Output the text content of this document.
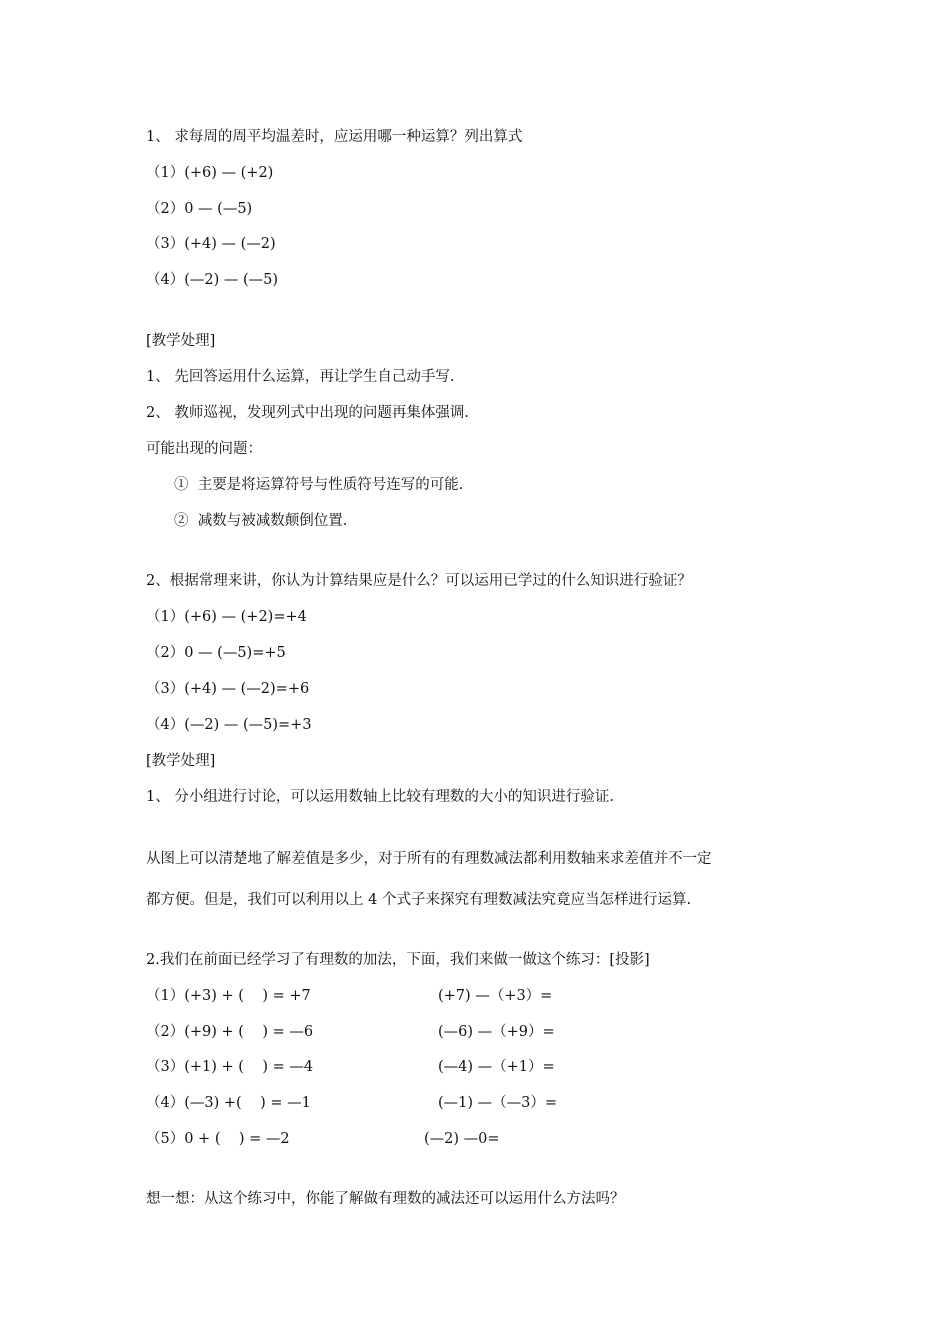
1、 求每周的周平均温差时，应运用哪一种运算？列出算式

（1）(+6) — (+2)

（2）0 — (—5)

（3）(+4) — (—2)

（4）(—2) — (—5)

[教学处理]

1、 先回答运用什么运算，再让学生自己动手写.

2、 教师巡视，发现列式中出现的问题再集体强调.

可能出现的问题：

①  主要是将运算符号与性质符号连写的可能.

②  减数与被减数颠倒位置.

2、根据常理来讲，你认为计算结果应是什么？可以运用已学过的什么知识进行验证？

（1）(+6) — (+2)=+4

（2）0 — (—5)=+5

（3）(+4) — (—2)=+6

（4）(—2) — (—5)=+3

[教学处理]

1、 分小组进行讨论，可以运用数轴上比较有理数的大小的知识进行验证.

从图上可以清楚地了解差值是多少，对于所有的有理数减法都利用数轴来求差值并不一定

都方便。但是，我们可以利用以上 4 个式子来探究有理数减法究竟应当怎样进行运算.

2.我们在前面已经学习了有理数的加法，下面，我们来做一做这个练习：[投影]

（1）(+3) + (    ) = +7	(+7) —（+3）=

（2）(+9) + (    ) = —6	(—6) —（+9）=

（3）(+1) + (    ) = —4	(—4) —（+1）=

（4）(—3) +(    ) = —1	(—1) —（—3）=

（5）0 + (    ) = —2	(—2) —0=

想一想：从这个练习中，你能了解做有理数的减法还可以运用什么方法吗？
